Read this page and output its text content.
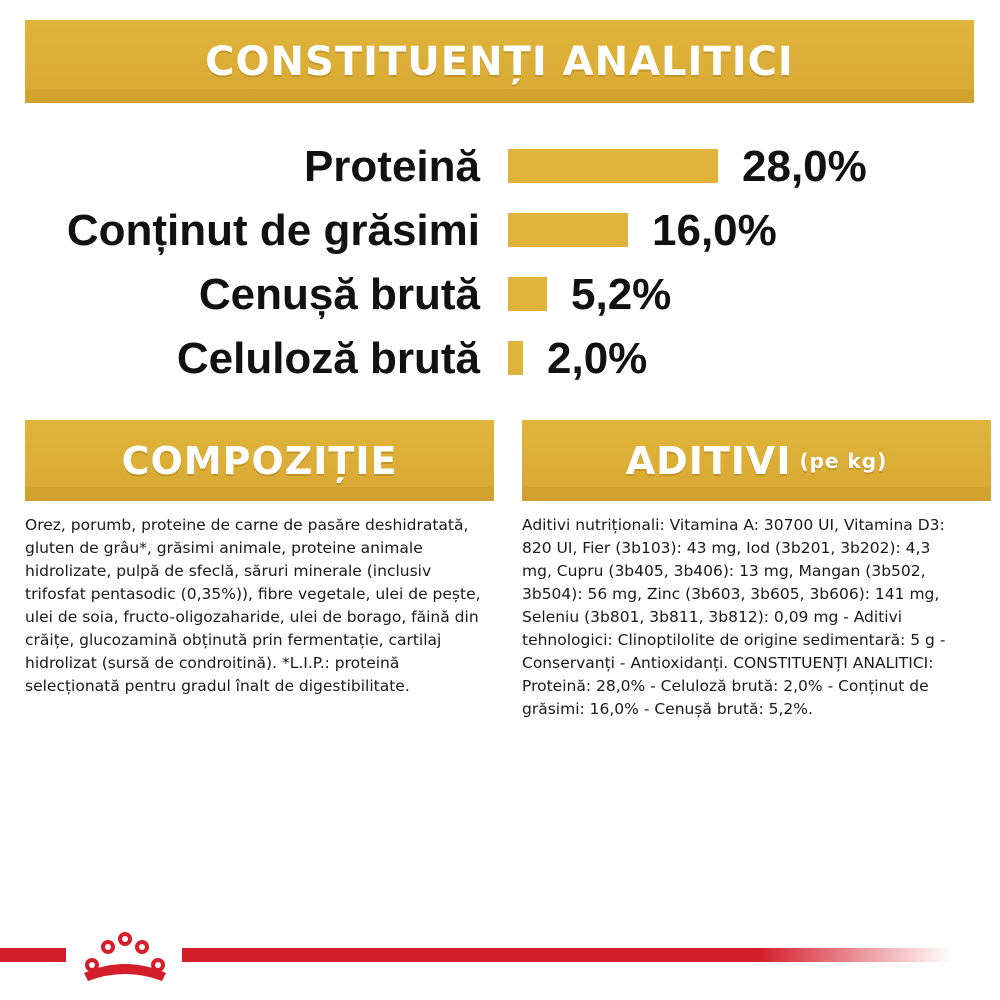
CONSTITUENȚI ANALITICI
Proteină	28,0%
Conținut de grăsimi	16,0%
Cenușă brută 5,2%
Celuloză brută 2,0%
COMPOZIȚIE

Orez, porumb, proteine de carne de pasăre deshidratată, gluten de grâu*, grăsimi animale, proteine animale hidrolizate, pulpă de sfeclă, săruri minerale (inclusiv trifosfat pentasodic (0,35%)), fibre vegetale, ulei de pește, ulei de soia, fructo-oligozaharide, ulei de borago, făină din crăițe, glucozamină obținută prin fermentație, cartilaj hidrolizat (sursă de condroitină). *L.I.P.: proteină selecționată pentru gradul înalt de digestibilitate.

ADITIVI (pe kg)

Aditivi nutriționali: Vitamina A: 30700 UI, Vitamina D3: 820 UI, Fier (3b103): 43 mg, Iod (3b201, 3b202): 4,3 mg, Cupru (3b405, 3b406): 13 mg, Mangan (3b502, 3b504): 56 mg, Zinc (3b603, 3b605, 3b606): 141 mg, Seleniu (3b801, 3b811, 3b812): 0,09 mg - Aditivi tehnologici: Clinoptilolite de origine sedimentară: 5 g - Conservanți - Antioxidanți. CONSTITUENȚI ANALITICI: Proteină: 28,0% - Celuloză brută: 2,0% - Conținut de grăsimi: 16,0% - Cenușă brută: 5,2%.
